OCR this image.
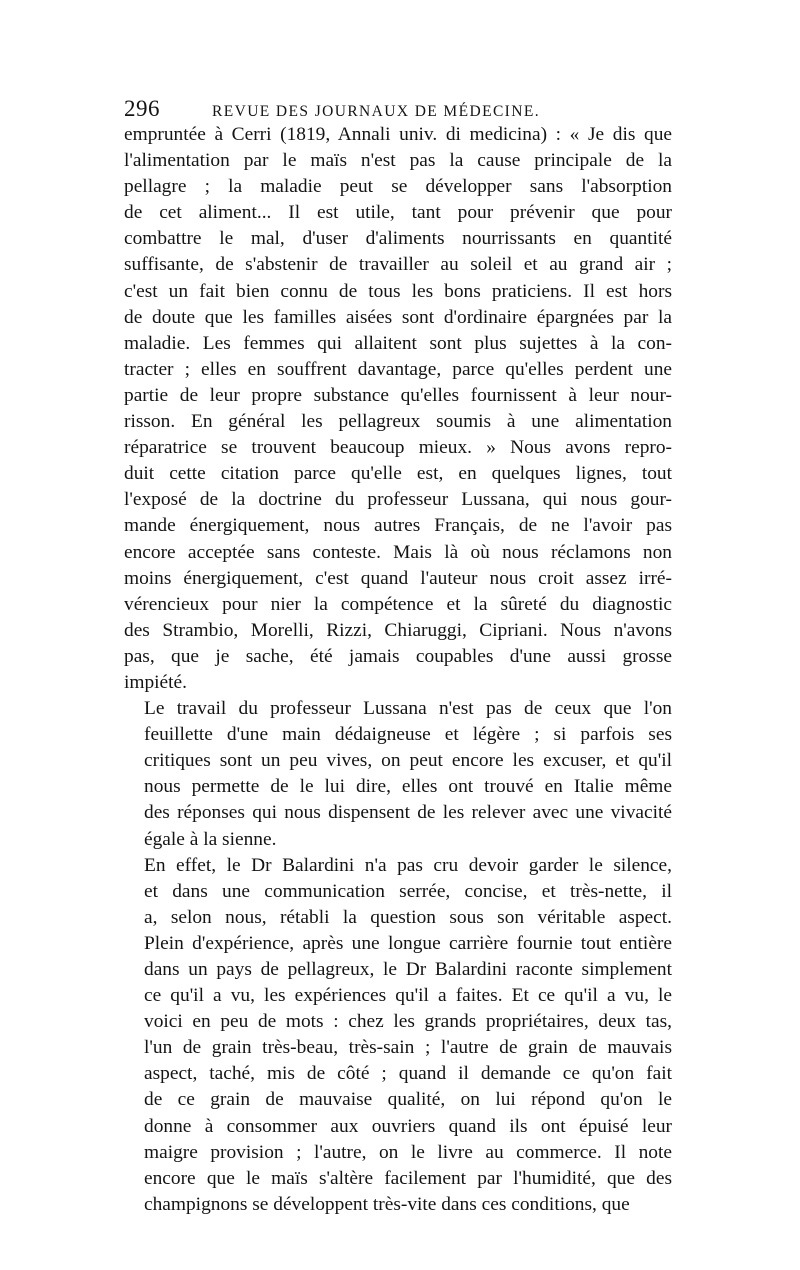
296	REVUE DES JOURNAUX DE MÉDECINE.

empruntée à Cerri (1819, Annali univ. di medicina) : « Je dis que
l'alimentation par le maïs n'est pas la cause principale de la
pellagre ; la maladie peut se développer sans l'absorption
de cet aliment... Il est utile, tant pour prévenir que pour
combattre le mal, d'user d'aliments nourrissants en quantité
suffisante, de s'abstenir de travailler au soleil et au grand air ;
c'est un fait bien connu de tous les bons praticiens. Il est hors
de doute que les familles aisées sont d'ordinaire épargnées par la
maladie. Les femmes qui allaitent sont plus sujettes à la con-
tracter ; elles en souffrent davantage, parce qu'elles perdent une
partie de leur propre substance qu'elles fournissent à leur nour-
risson. En général les pellagreux soumis à une alimentation
réparatrice se trouvent beaucoup mieux. » Nous avons repro-
duit cette citation parce qu'elle est, en quelques lignes, tout
l'exposé de la doctrine du professeur Lussana, qui nous gour-
mande énergiquement, nous autres Français, de ne l'avoir pas
encore acceptée sans conteste. Mais là où nous réclamons non
moins énergiquement, c'est quand l'auteur nous croit assez irré-
vérencieux pour nier la compétence et la sûreté du diagnostic
des Strambio, Morelli, Rizzi, Chiaruggi, Cipriani. Nous n'avons
pas, que je sache, été jamais coupables d'une aussi grosse
impiété.

Le travail du professeur Lussana n'est pas de ceux que l'on
feuillette d'une main dédaigneuse et légère ; si parfois ses
critiques sont un peu vives, on peut encore les excuser, et qu'il
nous permette de le lui dire, elles ont trouvé en Italie même
des réponses qui nous dispensent de les relever avec une vivacité
égale à la sienne.

En effet, le Dr Balardini n'a pas cru devoir garder le silence,
et dans une communication serrée, concise, et très-nette, il
a, selon nous, rétabli la question sous son véritable aspect.
Plein d'expérience, après une longue carrière fournie tout entière
dans un pays de pellagreux, le Dr Balardini raconte simplement
ce qu'il a vu, les expériences qu'il a faites. Et ce qu'il a vu, le
voici en peu de mots : chez les grands propriétaires, deux tas,
l'un de grain très-beau, très-sain ; l'autre de grain de mauvais
aspect, taché, mis de côté ; quand il demande ce qu'on fait
de ce grain de mauvaise qualité, on lui répond qu'on le
donne à consommer aux ouvriers quand ils ont épuisé leur
maigre provision ; l'autre, on le livre au commerce. Il note
encore que le maïs s'altère facilement par l'humidité, que des
champignons se développent très-vite dans ces conditions, que
